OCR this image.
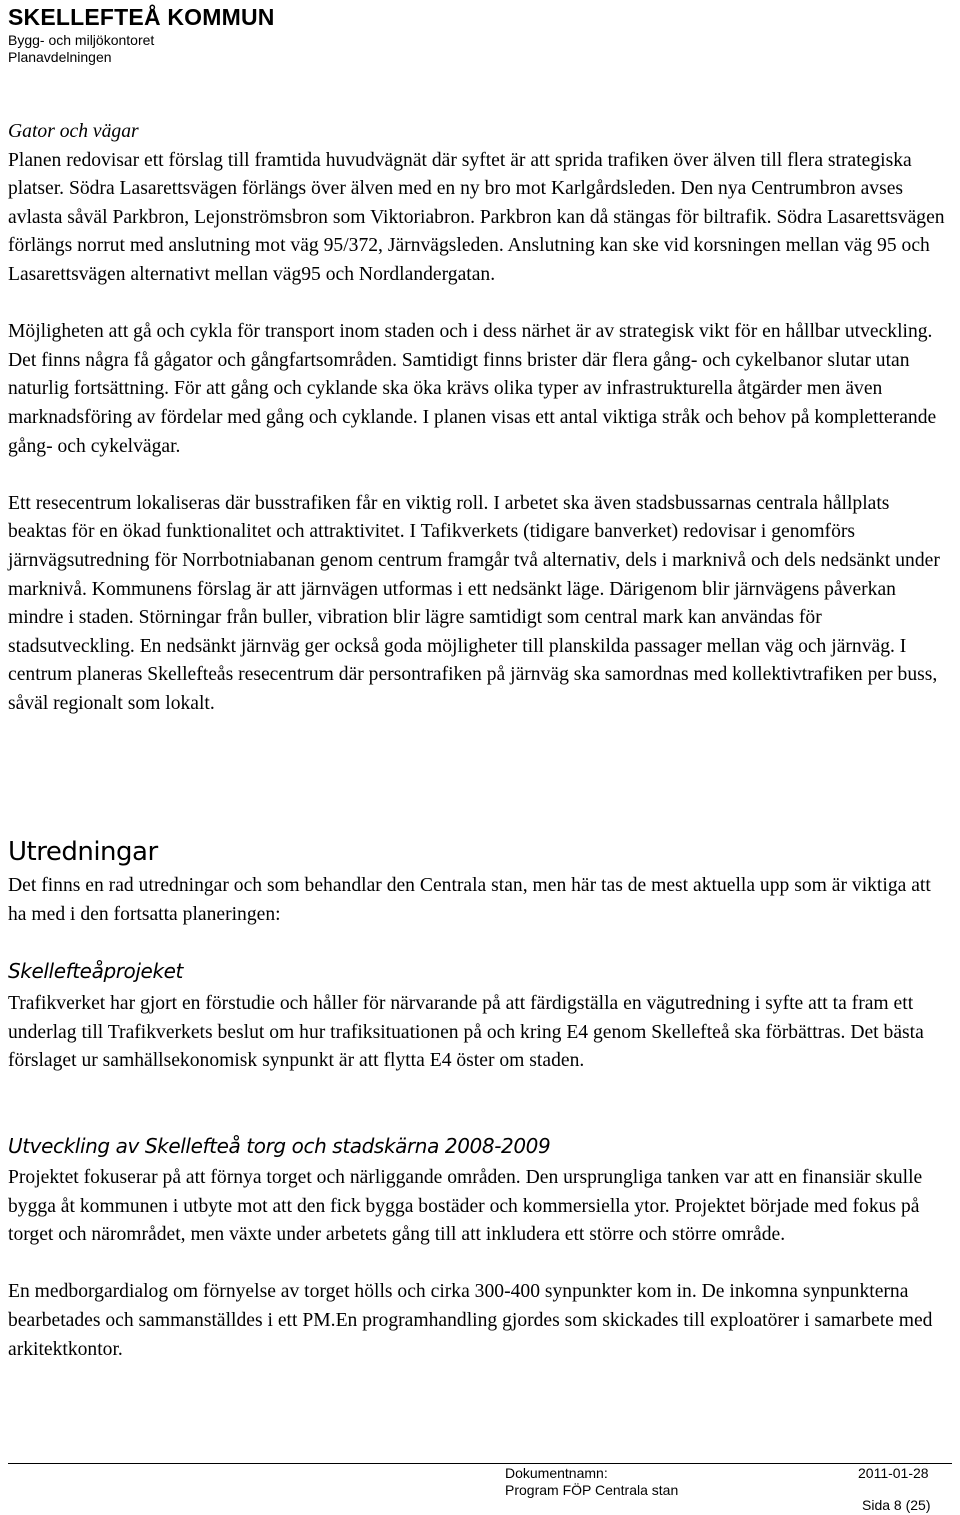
SKELLEFTEÅ KOMMUN
Bygg- och miljökontoret
Planavdelningen

Gator och vägar

Planen redovisar ett förslag till framtida huvudvägnät där syftet är att sprida trafiken över älven till flera strategiska platser. Södra Lasarettsvägen förlängs över älven med en ny bro mot Karlgårdsleden. Den nya Centrumbron avses avlasta såväl Parkbron, Lejonströmsbron som Viktoriabron. Parkbron kan då stängas för biltrafik. Södra Lasarettsvägen förlängs norrut med anslutning mot väg 95/372, Järnvägsleden. Anslutning kan ske vid korsningen mellan väg 95 och Lasarettsvägen alternativt mellan väg95 och Nordlandergatan.

Möjligheten att gå och cykla för transport inom staden och i dess närhet är av strategisk vikt för en hållbar utveckling. Det finns några få gågator och gångfartsområden. Samtidigt finns brister där flera gång- och cykelbanor slutar utan naturlig fortsättning. För att gång och cyklande ska öka krävs olika typer av infrastrukturella åtgärder men även marknadsföring av fördelar med gång och cyklande. I planen visas ett antal viktiga stråk och behov på kompletterande gång- och cykelvägar.

Ett resecentrum lokaliseras där busstrafiken får en viktig roll. I arbetet ska även stadsbussarnas centrala hållplats beaktas för en ökad funktionalitet och attraktivitet. I Tafikverkets (tidigare banverket) redovisar i genomförs järnvägsutredning för Norrbotniabanan genom centrum framgår två alternativ, dels i marknivå och dels nedsänkt under marknivå. Kommunens förslag är att järnvägen utformas i ett nedsänkt läge. Därigenom blir järnvägens påverkan mindre i staden. Störningar från buller, vibration blir lägre samtidigt som central mark kan användas för stadsutveckling. En nedsänkt järnväg ger också goda möjligheter till planskilda passager mellan väg och järnväg. I centrum planeras Skellefteås resecentrum där persontrafiken på järnväg ska samordnas med kollektivtrafiken per buss, såväl regionalt som lokalt.

Utredningar

Det finns en rad utredningar och som behandlar den Centrala stan, men här tas de mest aktuella upp som är viktiga att ha med i den fortsatta planeringen:

Skellefteåprojeket

Trafikverket har gjort en förstudie och håller för närvarande på att färdigställa en vägutredning i syfte att ta fram ett underlag till Trafikverkets beslut om hur trafiksituationen på och kring E4 genom Skellefteå ska förbättras. Det bästa förslaget ur samhällsekonomisk synpunkt är att flytta E4 öster om staden.

Utveckling av Skellefteå torg och stadskärna 2008-2009

Projektet fokuserar på att förnya torget och närliggande områden. Den ursprungliga tanken var att en finansiär skulle bygga åt kommunen i utbyte mot att den fick bygga bostäder och kommersiella ytor. Projektet började med fokus på torget och närområdet, men växte under arbetets gång till att inkludera ett större och större område.

En medborgardialog om förnyelse av torget hölls och cirka 300-400 synpunkter kom in. De inkomna synpunkterna bearbetades och sammanställdes i ett PM.En programhandling gjordes som skickades till exploatörer i samarbete med arkitektkontor.

Dokumentnamn:
Program FÖP Centrala stan
2011-01-28
Sida 8 (25)
